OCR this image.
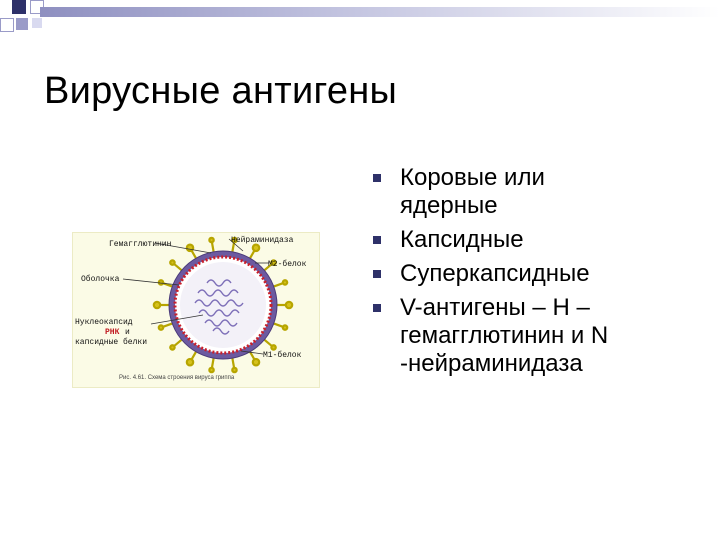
Вирусные антигены
Гемагглютинин	Нейраминидаза
М2-белок
Оболочка
Нуклеокапсид
РНК и
капсидные белки
М1-белок
Рис. 4.61. Схема строения вируса гриппа
Коровые или
ядерные
Капсидные
Суперкапсидные
V-антигены – H –
гемагглютинин и N
-нейраминидаза
